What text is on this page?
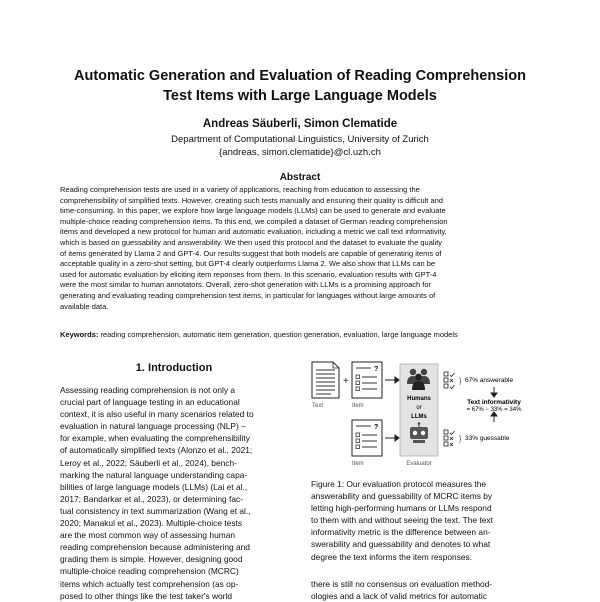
Automatic Generation and Evaluation of Reading Comprehension
Test Items with Large Language Models
Andreas Säuberli, Simon Clematide
Department of Computational Linguistics, University of Zurich
{andreas, simon.clematide}@cl.uzh.ch
Abstract
Reading comprehension tests are used in a variety of applications, reaching from education to assessing the
comprehensibility of simplified texts. However, creating such tests manually and ensuring their quality is difficult and
time-consuming. In this paper, we explore how large language models (LLMs) can be used to generate and evaluate
multiple-choice reading comprehension items. To this end, we compiled a dataset of German reading comprehension
items and developed a new protocol for human and automatic evaluation, including a metric we call text informativity,
which is based on guessability and answerability. We then used this protocol and the dataset to evaluate the quality
of items generated by Llama 2 and GPT-4. Our results suggest that both models are capable of generating items of
acceptable quality in a zero-shot setting, but GPT-4 clearly outperforms Llama 2. We also show that LLMs can be
used for automatic evaluation by eliciting item reponses from them. In this scenario, evaluation results with GPT-4
were the most similar to human annotators. Overall, zero-shot generation with LLMs is a promising approach for
generating and evaluating reading comprehension test items, in particular for languages without large amounts of
available data.
Keywords: reading comprehension, automatic item generation, question generation, evaluation, large language models
1. Introduction
Assessing reading comprehension is not only a
crucial part of language testing in an educational
context, it is also useful in many scenarios related to
evaluation in natural language processing (NLP) –
for example, when evaluating the comprehensibility
of automatically simplified texts (Alonzo et al., 2021;
Leroy et al., 2022; Säuberli et al., 2024), bench-
marking the natural language understanding capa-
bilities of large language models (LLMs) (Lai et al.,
2017; Bandarkar et al., 2023), or determining fac-
tual consistency in text summarization (Wang et al.,
2020; Manakul et al., 2023). Multiple-choice tests
are the most common way of assessing human
reading comprehension because administering and
grading them is simple. However, designing good
multiple-choice reading comprehension (MCRC)
items which actually test comprehension (as op-
posed to other things like the test taker's world
Text
+
?
Item
?
Item
Humans
or
LLMs
Evaluator
} 67% answerable
Text informativity
= 67% − 33% = 34%
} 33% guessable
Figure 1: Our evaluation protocol measures the
answerability and guessability of MCRC items by
letting high-performing humans or LLMs respond
to them with and without seeing the text. The text
informativity metric is the difference between an-
swerability and guessability and denotes to what
degree the text informs the item responses.
there is still no consensus on evaluation method-
ologies and a lack of valid metrics for automatic
